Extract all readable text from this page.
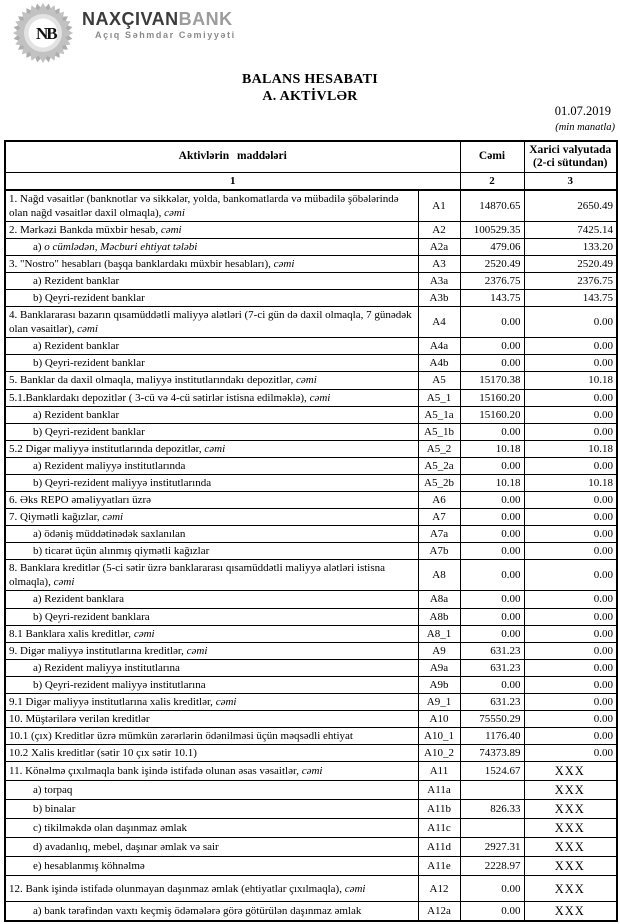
NB
NAXÇIVANBANK
Açıq Səhmdar Cəmiyyəti
BALANS HESABATI
A. AKTİVLƏR
01.07.2019
(min manatla)
Aktivlərin maddələri		Cəmi	Xarici valyutada (2-ci sütundan)
1		2	3
1. Nağd vəsaitlər (banknotlar və sikkələr, yolda, bankomatlarda və mübadilə şöbələrində olan nağd vəsaitlər daxil olmaqla), cəmi	A1	14870.65	2650.49
2. Mərkəzi Bankda müxbir hesab, cəmi	A2	100529.35	7425.14
a) o cümlədən, Məcburi ehtiyat tələbi	A2a	479.06	133.20
3. "Nostro" hesabları (başqa banklardakı müxbir hesabları), cəmi	A3	2520.49	2520.49
a) Rezident banklar	A3a	2376.75	2376.75
b) Qeyri-rezident banklar	A3b	143.75	143.75
4. Banklararası bazarın qısamüddətli maliyyə alətləri (7-ci gün də daxil olmaqla, 7 günədək olan vəsaitlər), cəmi	A4	0.00	0.00
a) Rezident banklar	A4a	0.00	0.00
b) Qeyri-rezident banklar	A4b	0.00	0.00
5. Banklar da daxil olmaqla, maliyyə institutlarındakı depozitlər, cəmi	A5	15170.38	10.18
5.1.Banklardakı depozitlər ( 3-cü və 4-cü sətirlər istisna edilməklə), cəmi	A5_1	15160.20	0.00
a) Rezident banklar	A5_1a	15160.20	0.00
b) Qeyri-rezident banklar	A5_1b	0.00	0.00
5.2 Digər maliyyə institutlarında depozitlər, cəmi	A5_2	10.18	10.18
a) Rezident maliyyə institutlarında	A5_2a	0.00	0.00
b) Qeyri-rezident maliyyə institutlarında	A5_2b	10.18	10.18
6. Əks REPO əməliyyatları üzrə	A6	0.00	0.00
7. Qiymətli kağızlar, cəmi	A7	0.00	0.00
a) ödəniş müddətinədək saxlanılan	A7a	0.00	0.00
b) ticarət üçün alınmış qiymətli kağızlar	A7b	0.00	0.00
8. Banklara kreditlər (5-ci sətir üzrə banklararası qısamüddətli maliyyə alətləri istisna olmaqla), cəmi	A8	0.00	0.00
a) Rezident banklara	A8a	0.00	0.00
b) Qeyri-rezident banklara	A8b	0.00	0.00
8.1 Banklara xalis kreditlər, cəmi	A8_1	0.00	0.00
9. Digər maliyyə institutlarına kreditlər, cəmi	A9	631.23	0.00
a) Rezident maliyyə institutlarına	A9a	631.23	0.00
b) Qeyri-rezident maliyyə institutlarına	A9b	0.00	0.00
9.1 Digər maliyyə institutlarına xalis kreditlər, cəmi	A9_1	631.23	0.00
10. Müştərilərə verilən kreditlər	A10	75550.29	0.00
10.1 (çıx) Kreditlər üzrə mümkün zərərlərin ödənilməsi üçün məqsədli ehtiyat	A10_1	1176.40	0.00
10.2 Xalis kreditlər (sətir 10 çıx sətir 10.1)	A10_2	74373.89	0.00
11. Könəlmə çıxılmaqla bank işində istifadə olunan əsas vəsaitlər, cəmi	A11	1524.67	XXX
a) torpaq	A11a		XXX
b) binalar	A11b	826.33	XXX
c) tikilməkdə olan daşınmaz əmlak	A11c		XXX
d) avadanlıq, mebel, daşınar əmlak və sair	A11d	2927.31	XXX
e) hesablanmış köhnəlmə	A11e	2228.97	XXX
12. Bank işində istifadə olunmayan daşınmaz əmlak (ehtiyatlar çıxılmaqla), cəmi	A12	0.00	XXX
a) bank tərəfindən vaxtı keçmiş ödəmələrə görə götürülən daşınmaz əmlak	A12a	0.00	XXX
